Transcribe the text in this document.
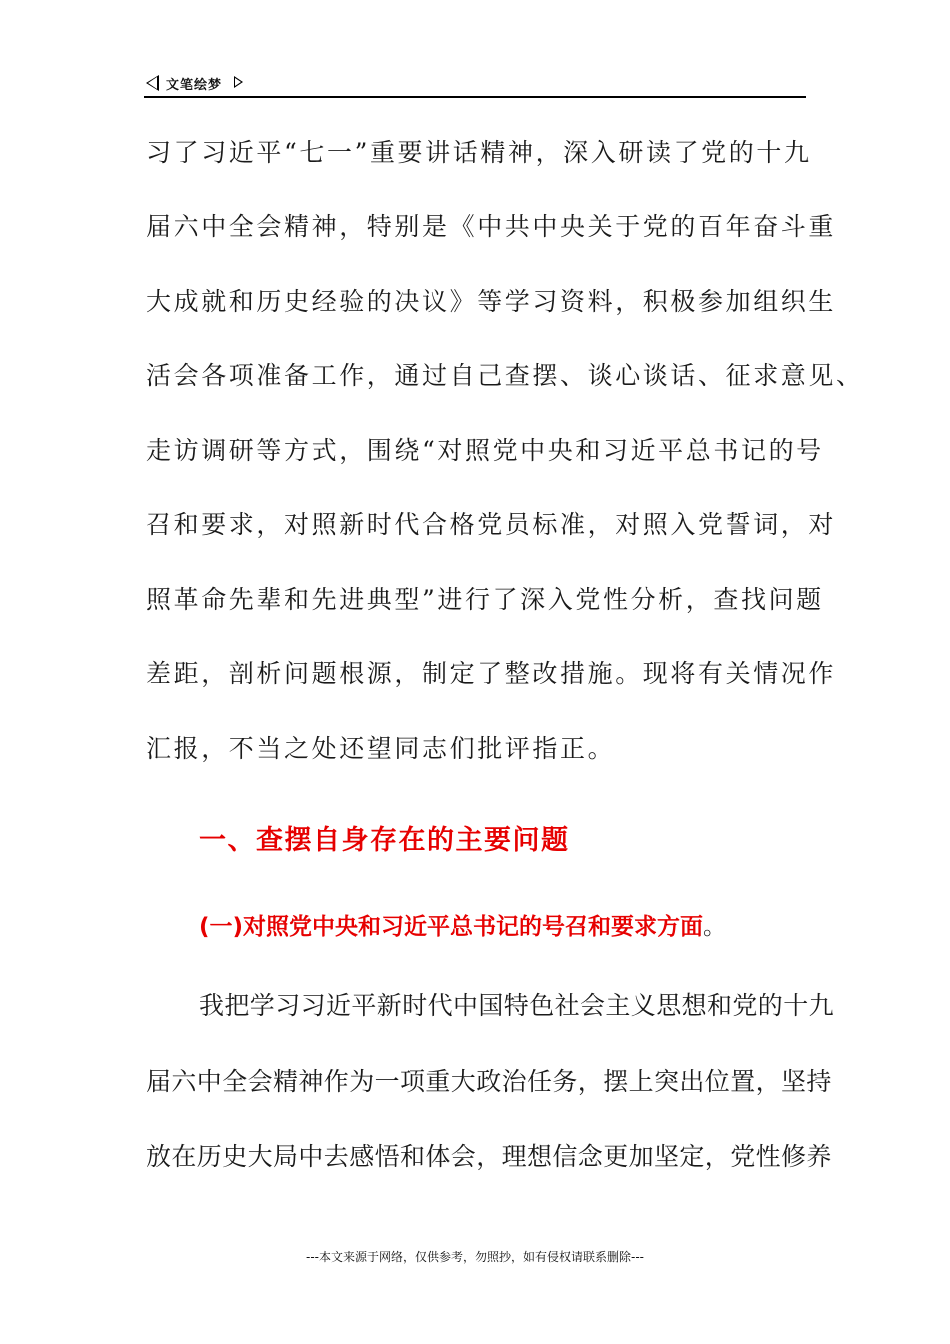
文笔绘梦
习了习近平“七一”重要讲话精神，深入研读了党的十九
届六中全会精神，特别是《中共中央关于党的百年奋斗重
大成就和历史经验的决议》等学习资料，积极参加组织生
活会各项准备工作，通过自己查摆、谈心谈话、征求意见、
走访调研等方式，围绕“对照党中央和习近平总书记的号
召和要求，对照新时代合格党员标准，对照入党誓词，对
照革命先辈和先进典型”进行了深入党性分析，查找问题
差距，剖析问题根源，制定了整改措施。现将有关情况作
汇报，不当之处还望同志们批评指正。
一、查摆自身存在的主要问题
(一)对照党中央和习近平总书记的号召和要求方面。
我把学习习近平新时代中国特色社会主义思想和党的十九
届六中全会精神作为一项重大政治任务，摆上突出位置，坚持
放在历史大局中去感悟和体会，理想信念更加坚定，党性修养
---本文来源于网络，仅供参考，勿照抄，如有侵权请联系删除---
